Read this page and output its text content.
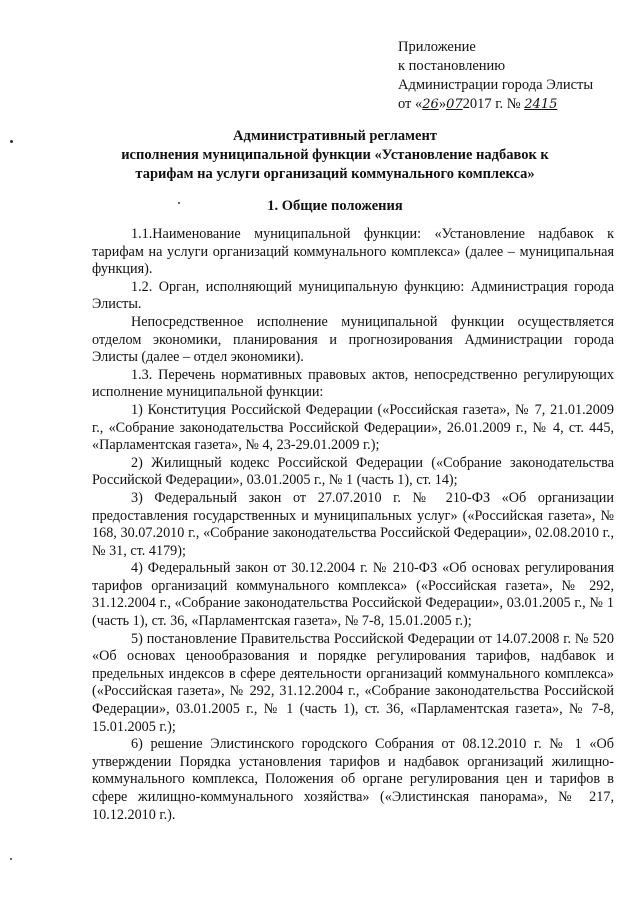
Приложение
к постановлению
Администрации города Элисты
от «26»072017 г. № 2415
Административный регламент
исполнения муниципальной функции «Установление надбавок к
тарифам на услуги организаций коммунального комплекса»
1. Общие положения

1.1.Наименование муниципальной функции: «Установление надбавок к тарифам на услуги организаций коммунального комплекса» (далее – муниципальная функция).

1.2. Орган, исполняющий муниципальную функцию: Администрация города Элисты.

Непосредственное исполнение муниципальной функции осуществляется отделом экономики, планирования и прогнозирования Администрации города Элисты (далее – отдел экономики).

1.3. Перечень нормативных правовых актов, непосредственно регулирующих исполнение муниципальной функции:

1) Конституция Российской Федерации («Российская газета», № 7, 21.01.2009 г., «Собрание законодательства Российской Федерации», 26.01.2009 г., № 4, ст. 445, «Парламентская газета», № 4, 23-29.01.2009 г.);

2) Жилищный кодекс Российской Федерации («Собрание законодательства Российской Федерации», 03.01.2005 г., № 1 (часть 1), ст. 14);

3) Федеральный закон от 27.07.2010 г. № 210-ФЗ «Об организации предоставления государственных и муниципальных услуг» («Российская газета», № 168, 30.07.2010 г., «Собрание законодательства Российской Федерации», 02.08.2010 г., № 31, ст. 4179);

4) Федеральный закон от 30.12.2004 г. № 210-ФЗ «Об основах регулирования тарифов организаций коммунального комплекса» («Российская газета», № 292, 31.12.2004 г., «Собрание законодательства Российской Федерации», 03.01.2005 г., № 1 (часть 1), ст. 36, «Парламентская газета», № 7-8, 15.01.2005 г.);

5) постановление Правительства Российской Федерации от 14.07.2008 г. № 520 «Об основах ценообразования и порядке регулирования тарифов, надбавок и предельных индексов в сфере деятельности организаций коммунального комплекса» («Российская газета», № 292, 31.12.2004 г., «Собрание законодательства Российской Федерации», 03.01.2005 г., № 1 (часть 1), ст. 36, «Парламентская газета», № 7-8, 15.01.2005 г.);

6) решение Элистинского городского Собрания от 08.12.2010 г. № 1 «Об утверждении Порядка установления тарифов и надбавок организаций жилищно-коммунального комплекса, Положения об органе регулирования цен и тарифов в сфере жилищно-коммунального хозяйства» («Элистинская панорама», № 217, 10.12.2010 г.).
